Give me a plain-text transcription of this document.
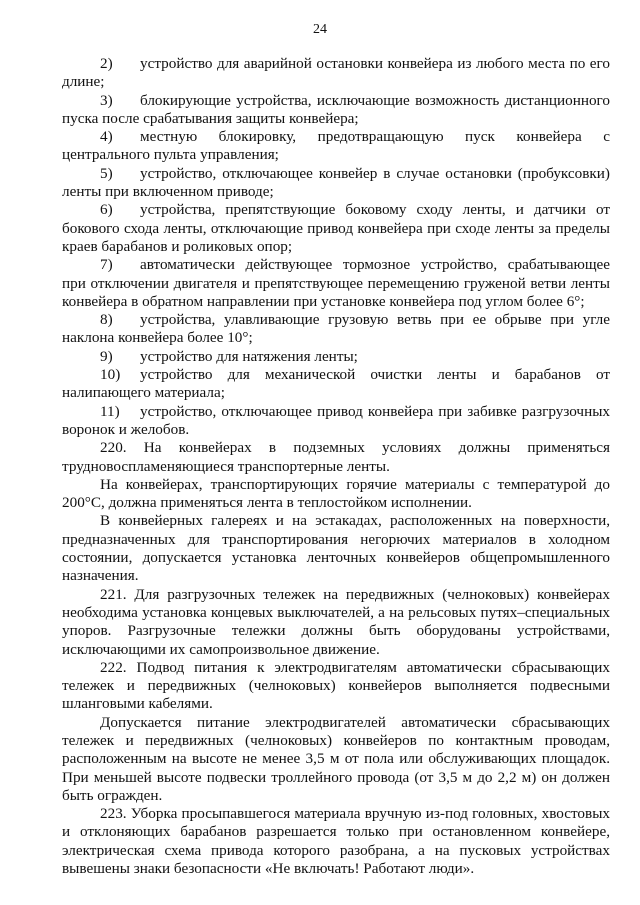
24

2) устройство для аварийной остановки конвейера из любого места по его длине;

3) блокирующие устройства, исключающие возможность дистанционного пуска после срабатывания защиты конвейера;

4) местную блокировку, предотвращающую пуск конвейера с центрального пульта управления;

5) устройство, отключающее конвейер в случае остановки (пробуксовки) ленты при включенном приводе;

6) устройства, препятствующие боковому сходу ленты, и датчики от бокового схода ленты, отключающие привод конвейера при сходе ленты за пределы краев барабанов и роликовых опор;

7) автоматически действующее тормозное устройство, срабатывающее при отключении двигателя и препятствующее перемещению груженой ветви ленты конвейера в обратном направлении при установке конвейера под углом более 6°;

8) устройства, улавливающие грузовую ветвь при ее обрыве при угле наклона конвейера более 10°;

9) устройство для натяжения ленты;

10) устройство для механической очистки ленты и барабанов от налипающего материала;

11) устройство, отключающее привод конвейера при забивке разгрузочных воронок и желобов.

220. На конвейерах в подземных условиях должны применяться трудновоспламеняющиеся транспортерные ленты.

На конвейерах, транспортирующих горячие материалы с температурой до 200°C, должна применяться лента в теплостойком исполнении.

В конвейерных галереях и на эстакадах, расположенных на поверхности, предназначенных для транспортирования негорючих материалов в холодном состоянии, допускается установка ленточных конвейеров общепромышленного назначения.

221. Для разгрузочных тележек на передвижных (челноковых) конвейерах необходима установка концевых выключателей, а на рельсовых путях–специальных упоров. Разгрузочные тележки должны быть оборудованы устройствами, исключающими их самопроизвольное движение.

222. Подвод питания к электродвигателям автоматически сбрасывающих тележек и передвижных (челноковых) конвейеров выполняется подвесными шланговыми кабелями.

Допускается питание электродвигателей автоматически сбрасывающих тележек и передвижных (челноковых) конвейеров по контактным проводам, расположенным на высоте не менее 3,5 м от пола или обслуживающих площадок. При меньшей высоте подвески троллейного провода (от 3,5 м до 2,2 м) он должен быть огражден.

223. Уборка просыпавшегося материала вручную из-под головных, хвостовых и отклоняющих барабанов разрешается только при остановленном конвейере, электрическая схема привода которого разобрана, а на пусковых устройствах вывешены знаки безопасности «Не включать! Работают люди».
